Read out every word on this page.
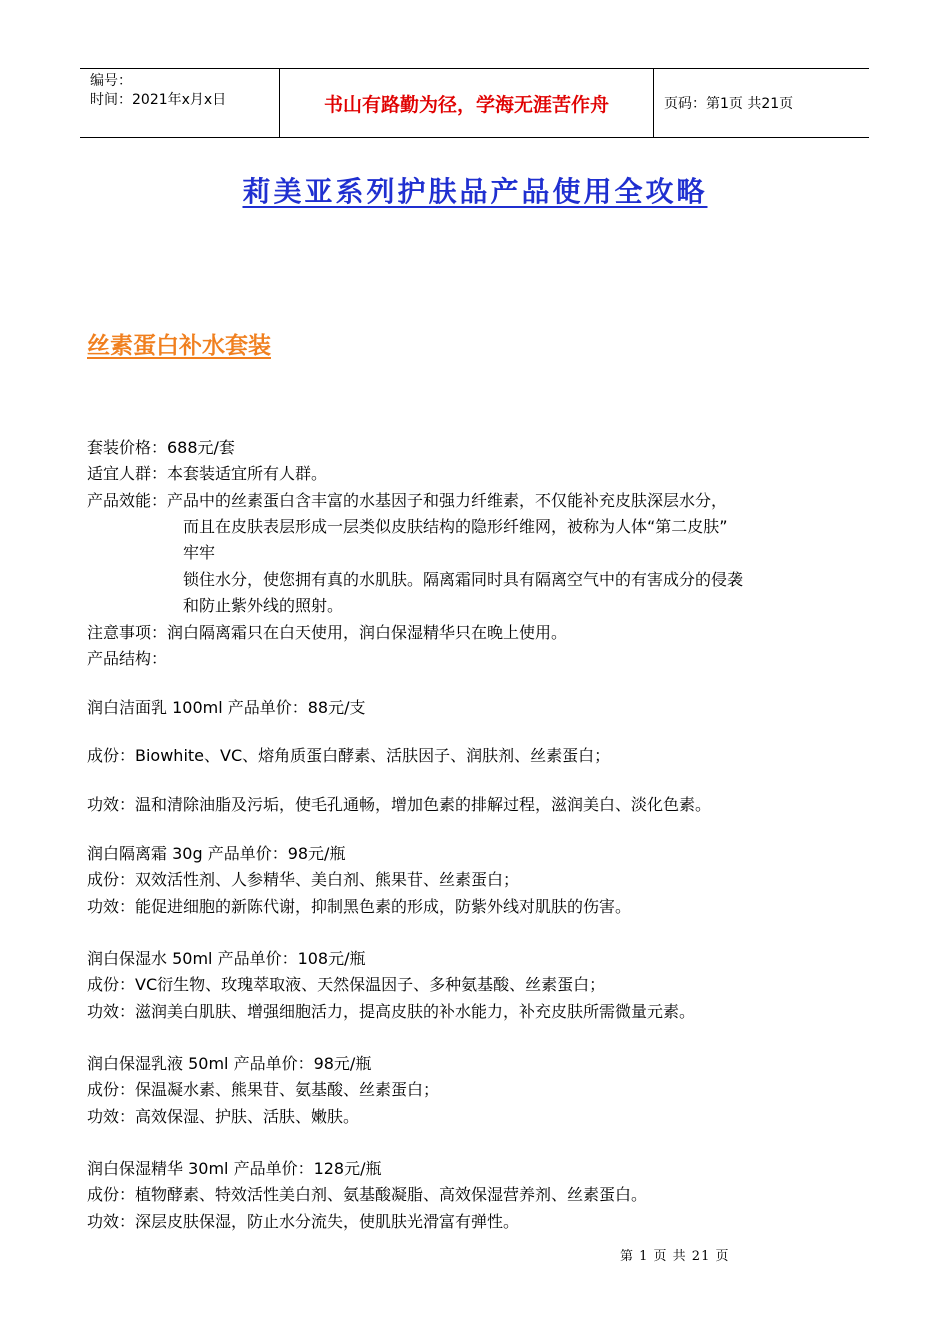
编号：
时间：2021年x月x日	书山有路勤为径，学海无涯苦作舟	页码：第1页 共21页
莉美亚系列护肤品产品使用全攻略
丝素蛋白补水套装
套装价格：688元/套
适宜人群：本套装适宜所有人群。
产品效能：产品中的丝素蛋白含丰富的水基因子和强力纤维素，不仅能补充皮肤深层水分，
而且在皮肤表层形成一层类似皮肤结构的隐形纤维网，被称为人体“第二皮肤”
牢牢
锁住水分，使您拥有真的水肌肤。隔离霜同时具有隔离空气中的有害成分的侵袭
和防止紫外线的照射。
注意事项：润白隔离霜只在白天使用，润白保湿精华只在晚上使用。
产品结构：
润白洁面乳 100ml 产品单价：88元/支
成份：Biowhite、VC、熔角质蛋白酵素、活肤因子、润肤剂、丝素蛋白；
功效：温和清除油脂及污垢，使毛孔通畅，增加色素的排解过程，滋润美白、淡化色素。
润白隔离霜 30g 产品单价：98元/瓶
成份：双效活性剂、人参精华、美白剂、熊果苷、丝素蛋白；
功效：能促进细胞的新陈代谢，抑制黑色素的形成，防紫外线对肌肤的伤害。
润白保湿水 50ml 产品单价：108元/瓶
成份：VC衍生物、玫瑰萃取液、天然保温因子、多种氨基酸、丝素蛋白；
功效：滋润美白肌肤、增强细胞活力，提高皮肤的补水能力，补充皮肤所需微量元素。
润白保湿乳液 50ml 产品单价：98元/瓶
成份：保温凝水素、熊果苷、氨基酸、丝素蛋白；
功效：高效保湿、护肤、活肤、嫩肤。
润白保湿精华 30ml 产品单价：128元/瓶
成份：植物酵素、特效活性美白剂、氨基酸凝脂、高效保湿营养剂、丝素蛋白。
功效：深层皮肤保湿，防止水分流失，使肌肤光滑富有弹性。
第 1 页 共 21 页
